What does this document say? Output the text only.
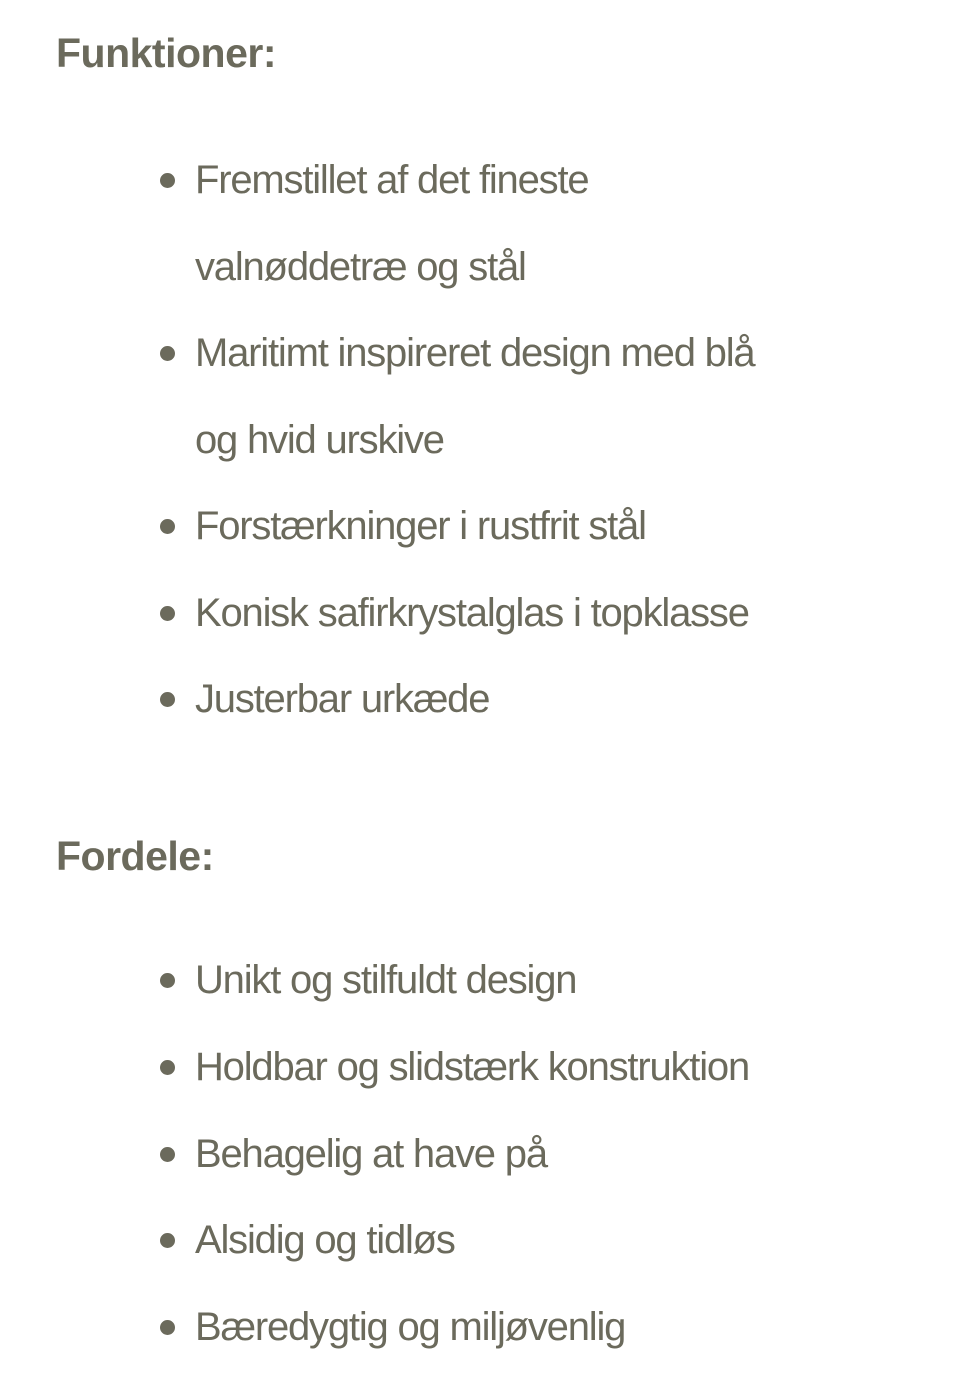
Funktioner:
Fremstillet af det fineste
valnøddetræ og stål
Maritimt inspireret design med blå
og hvid urskive
Forstærkninger i rustfrit stål
Konisk safirkrystalglas i topklasse
Justerbar urkæde
Fordele:
Unikt og stilfuldt design
Holdbar og slidstærk konstruktion
Behagelig at have på
Alsidig og tidløs
Bæredygtig og miljøvenlig
